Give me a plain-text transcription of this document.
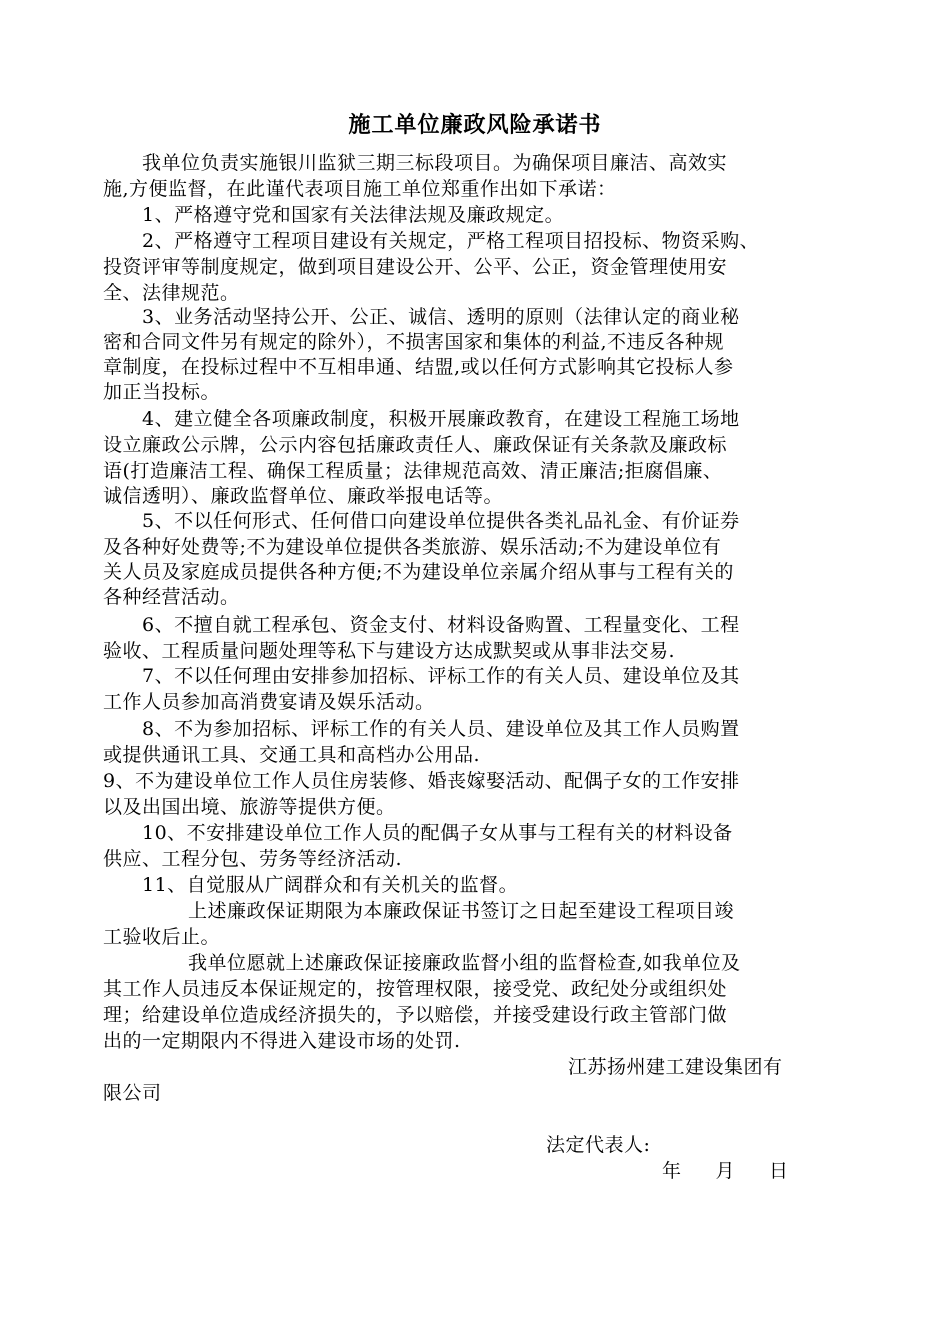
施工单位廉政风险承诺书
我单位负责实施银川监狱三期三标段项目。为确保项目廉洁、高效实
施,方便监督，在此谨代表项目施工单位郑重作出如下承诺：
1、严格遵守党和国家有关法律法规及廉政规定。
2、严格遵守工程项目建设有关规定，严格工程项目招投标、物资采购、
投资评审等制度规定，做到项目建设公开、公平、公正，资金管理使用安
全、法律规范。
3、业务活动坚持公开、公正、诚信、透明的原则（法律认定的商业秘
密和合同文件另有规定的除外），不损害国家和集体的利益,不违反各种规
章制度，在投标过程中不互相串通、结盟,或以任何方式影响其它投标人参
加正当投标。
4、建立健全各项廉政制度，积极开展廉政教育，在建设工程施工场地
设立廉政公示牌，公示内容包括廉政责任人、廉政保证有关条款及廉政标
语(打造廉洁工程、确保工程质量；法律规范高效、清正廉洁;拒腐倡廉、
诚信透明）、廉政监督单位、廉政举报电话等。
5、不以任何形式、任何借口向建设单位提供各类礼品礼金、有价证券
及各种好处费等;不为建设单位提供各类旅游、娱乐活动;不为建设单位有
关人员及家庭成员提供各种方便;不为建设单位亲属介绍从事与工程有关的
各种经营活动。
6、不擅自就工程承包、资金支付、材料设备购置、工程量变化、工程
验收、工程质量问题处理等私下与建设方达成默契或从事非法交易.
7、不以任何理由安排参加招标、评标工作的有关人员、建设单位及其
工作人员参加高消费宴请及娱乐活动。
8、不为参加招标、评标工作的有关人员、建设单位及其工作人员购置
或提供通讯工具、交通工具和高档办公用品.
9、不为建设单位工作人员住房装修、婚丧嫁娶活动、配偶子女的工作安排
以及出国出境、旅游等提供方便。
10、不安排建设单位工作人员的配偶子女从事与工程有关的材料设备
供应、工程分包、劳务等经济活动.
11、自觉服从广阔群众和有关机关的监督。
上述廉政保证期限为本廉政保证书签订之日起至建设工程项目竣
工验收后止。
我单位愿就上述廉政保证接廉政监督小组的监督检查,如我单位及
其工作人员违反本保证规定的，按管理权限，接受党、政纪处分或组织处
理；给建设单位造成经济损失的，予以赔偿，并接受建设行政主管部门做
出的一定期限内不得进入建设市场的处罚.
江苏扬州建工建设集团有
限公司
法定代表人:
年 月 日
